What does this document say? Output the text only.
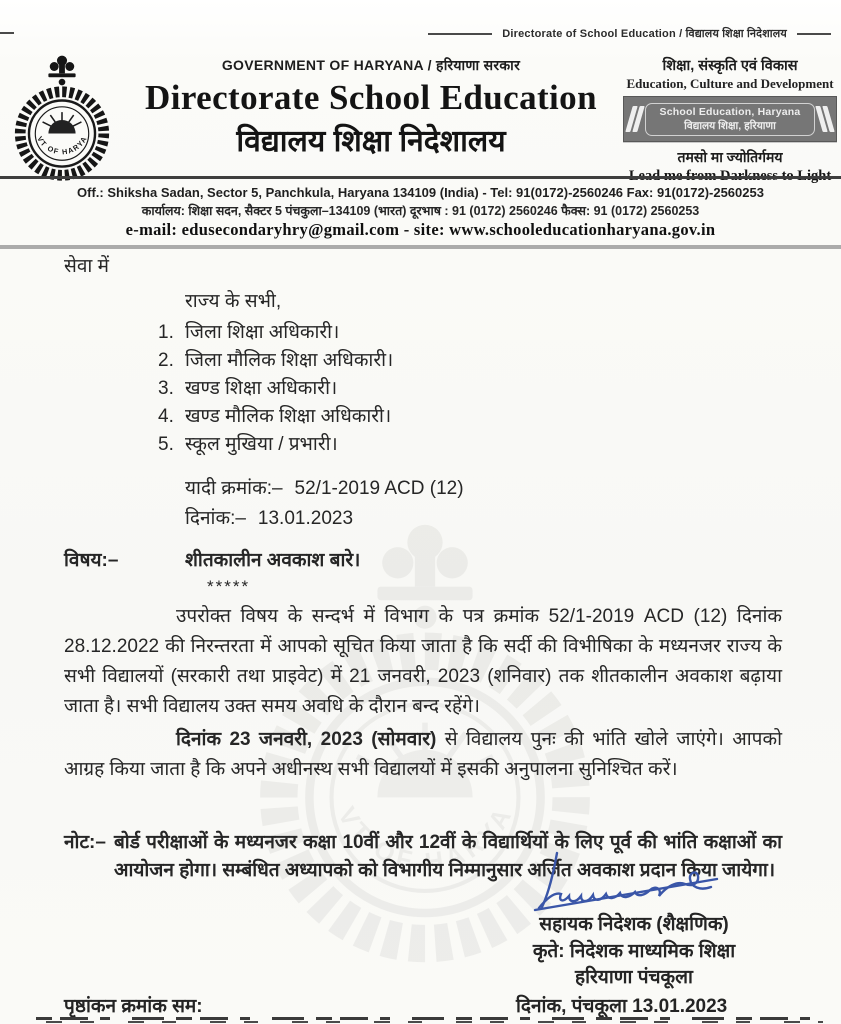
Directorate of School Education / विद्यालय शिक्षा निदेशालय
GOVERNMENT OF HARYANA / हरियाणा सरकार
Directorate School Education
विद्यालय शिक्षा निदेशालय
शिक्षा, संस्कृति एवं विकास
Education, Culture and Development
School Education, Haryana
विद्यालय शिक्षा, हरियाणा
तमसो मा ज्योतिर्गमय
Off.: Shiksha Sadan, Sector 5, Panchkula, Haryana 134109 (India) - Tel: 91(0172)-2560246 Fax: 91(0172)-2560253
कार्यालय: शिक्षा सदन, सैक्टर 5 पंचकुला–134109 (भारत) दूरभाष : 91 (0172) 2560246 फैक्स: 91 (0172) 2560253
e-mail: edusecondaryhry@gmail.com - site: www.schooleducationharyana.gov.in
सेवा में
राज्य के सभी,
1. जिला शिक्षा अधिकारी।
2. जिला मौलिक शिक्षा अधिकारी।
3. खण्ड शिक्षा अधिकारी।
4. खण्ड मौलिक शिक्षा अधिकारी।
5. स्कूल मुखिया / प्रभारी।
यादी क्रमांक:– 52/1-2019 ACD (12)
दिनांक:– 13.01.2023
विषय:–	शीतकालीन अवकाश बारे।
*****
उपरोक्त विषय के सन्दर्भ में विभाग के पत्र क्रमांक 52/1-2019 ACD (12) दिनांक 28.12.2022 की निरन्तरता में आपको सूचित किया जाता है कि सर्दी की विभीषिका के मध्यनजर राज्य के सभी विद्यालयों (सरकारी तथा प्राइवेट) में 21 जनवरी, 2023 (शनिवार) तक शीतकालीन अवकाश बढ़ाया जाता है। सभी विद्यालय उक्त समय अवधि के दौरान बन्द रहेंगे।
दिनांक 23 जनवरी, 2023 (सोमवार) से विद्यालय पुनः की भांति खोले जाएंगे। आपको आग्रह किया जाता है कि अपने अधीनस्थ सभी विद्यालयों में इसकी अनुपालना सुनिश्चित करें।
नोट:– बोर्ड परीक्षाओं के मध्यनजर कक्षा 10वीं और 12वीं के विद्यार्थियों के लिए पूर्व की भांति कक्षाओं का आयोजन होगा। सम्बंधित अध्यापको को विभागीय निम्मानुसार अर्जित अवकाश प्रदान किया जायेगा।
सहायक निदेशक (शैक्षणिक)
कृते: निदेशक माध्यमिक शिक्षा
हरियाणा पंचकूला
पृष्ठांकन क्रमांक सम:	दिनांक, पंचकूला 13.01.2023
